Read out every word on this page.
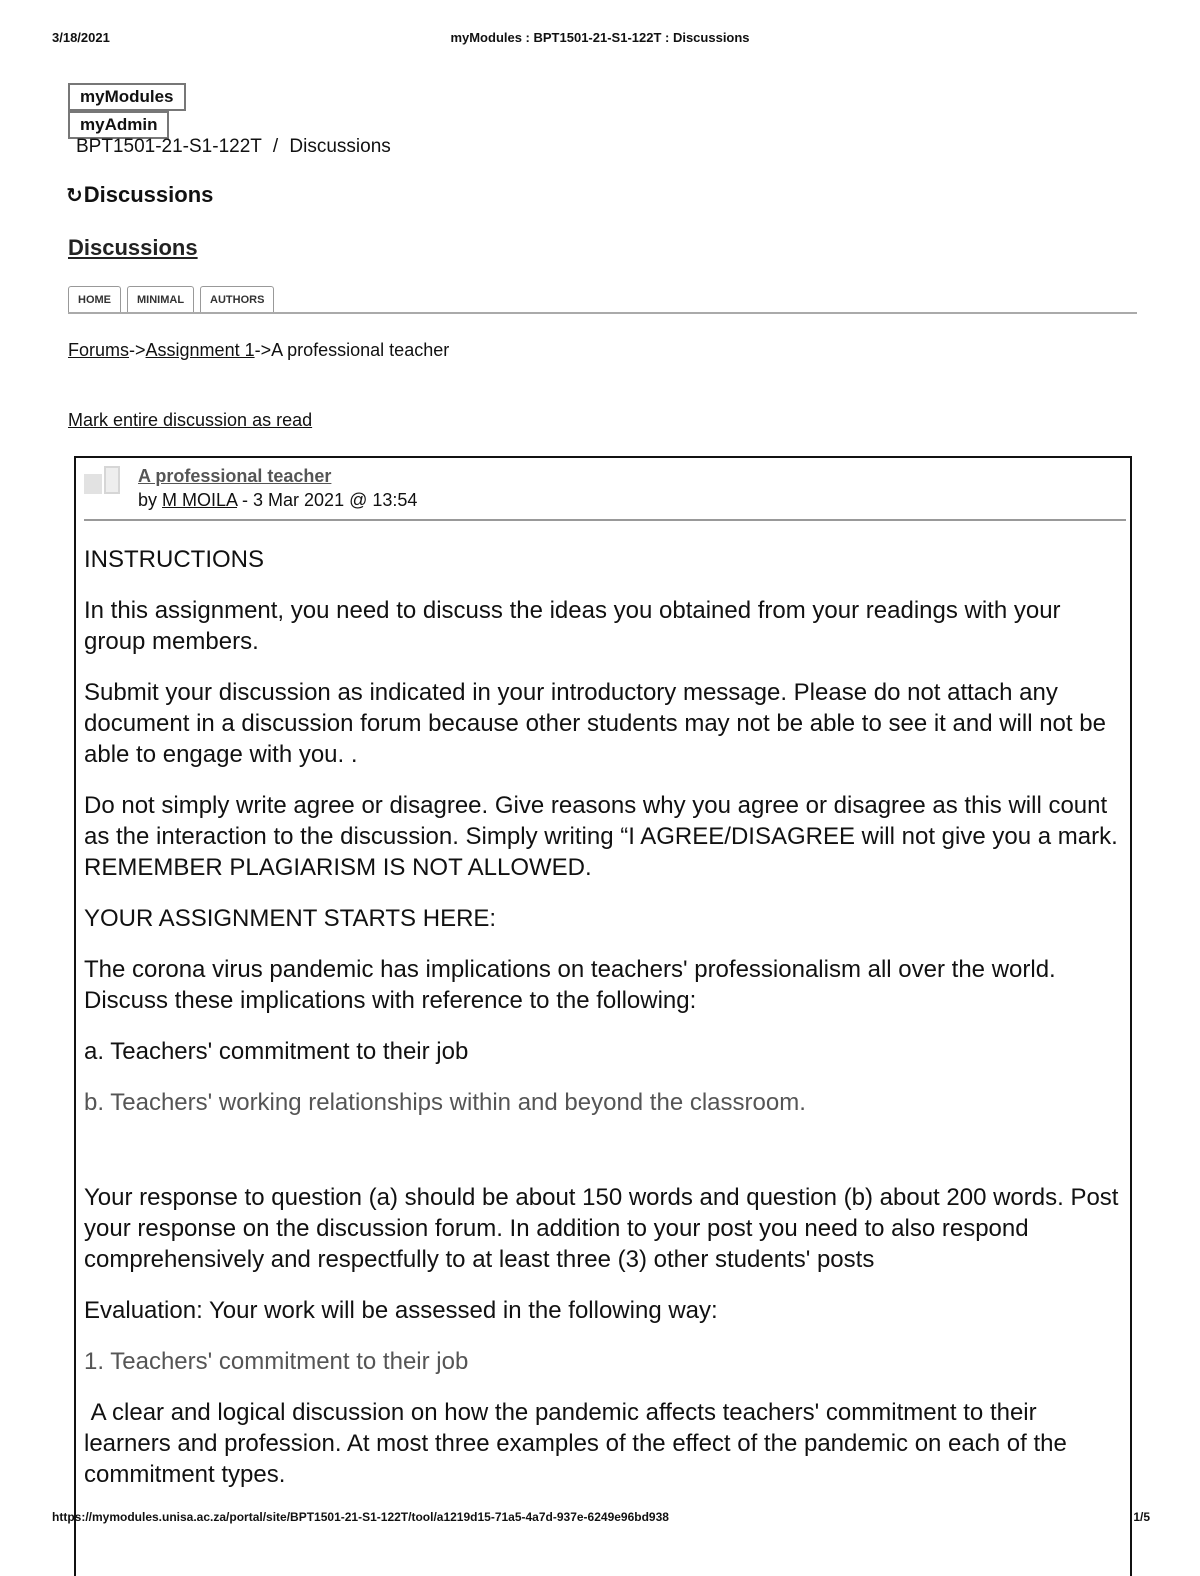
3/18/2021	myModules : BPT1501-21-S1-122T : Discussions
myModules
myAdmin
BPT1501-21-S1-122T / Discussions
↻ Discussions
Discussions
HOME	MINIMAL	AUTHORS
Forums->Assignment 1->A professional teacher
Mark entire discussion as read
A professional teacher
by M MOILA - 3 Mar 2021 @ 13:54

INSTRUCTIONS

In this assignment, you need to discuss the ideas you obtained from your readings with your group members.

Submit your discussion as indicated in your introductory message. Please do not attach any document in a discussion forum because other students may not be able to see it and will not be able to engage with you. .

Do not simply write agree or disagree. Give reasons why you agree or disagree as this will count as the interaction to the discussion. Simply writing “I AGREE/DISAGREE will not give you a mark. REMEMBER PLAGIARISM IS NOT ALLOWED.

YOUR ASSIGNMENT STARTS HERE:

The corona virus pandemic has implications on teachers' professionalism all over the world. Discuss these implications with reference to the following:

a. Teachers' commitment to their job

b. Teachers' working relationships within and beyond the classroom.

Your response to question (a) should be about 150 words and question (b) about 200 words. Post your response on the discussion forum. In addition to your post you need to also respond comprehensively and respectfully to at least three (3) other students' posts

Evaluation: Your work will be assessed in the following way:

1. Teachers' commitment to their job

A clear and logical discussion on how the pandemic affects teachers' commitment to their learners and profession. At most three examples of the effect of the pandemic on each of the commitment types.

https://mymodules.unisa.ac.za/portal/site/BPT1501-21-S1-122T/tool/a1219d15-71a5-4a7d-937e-6249e96bd938	1/5
